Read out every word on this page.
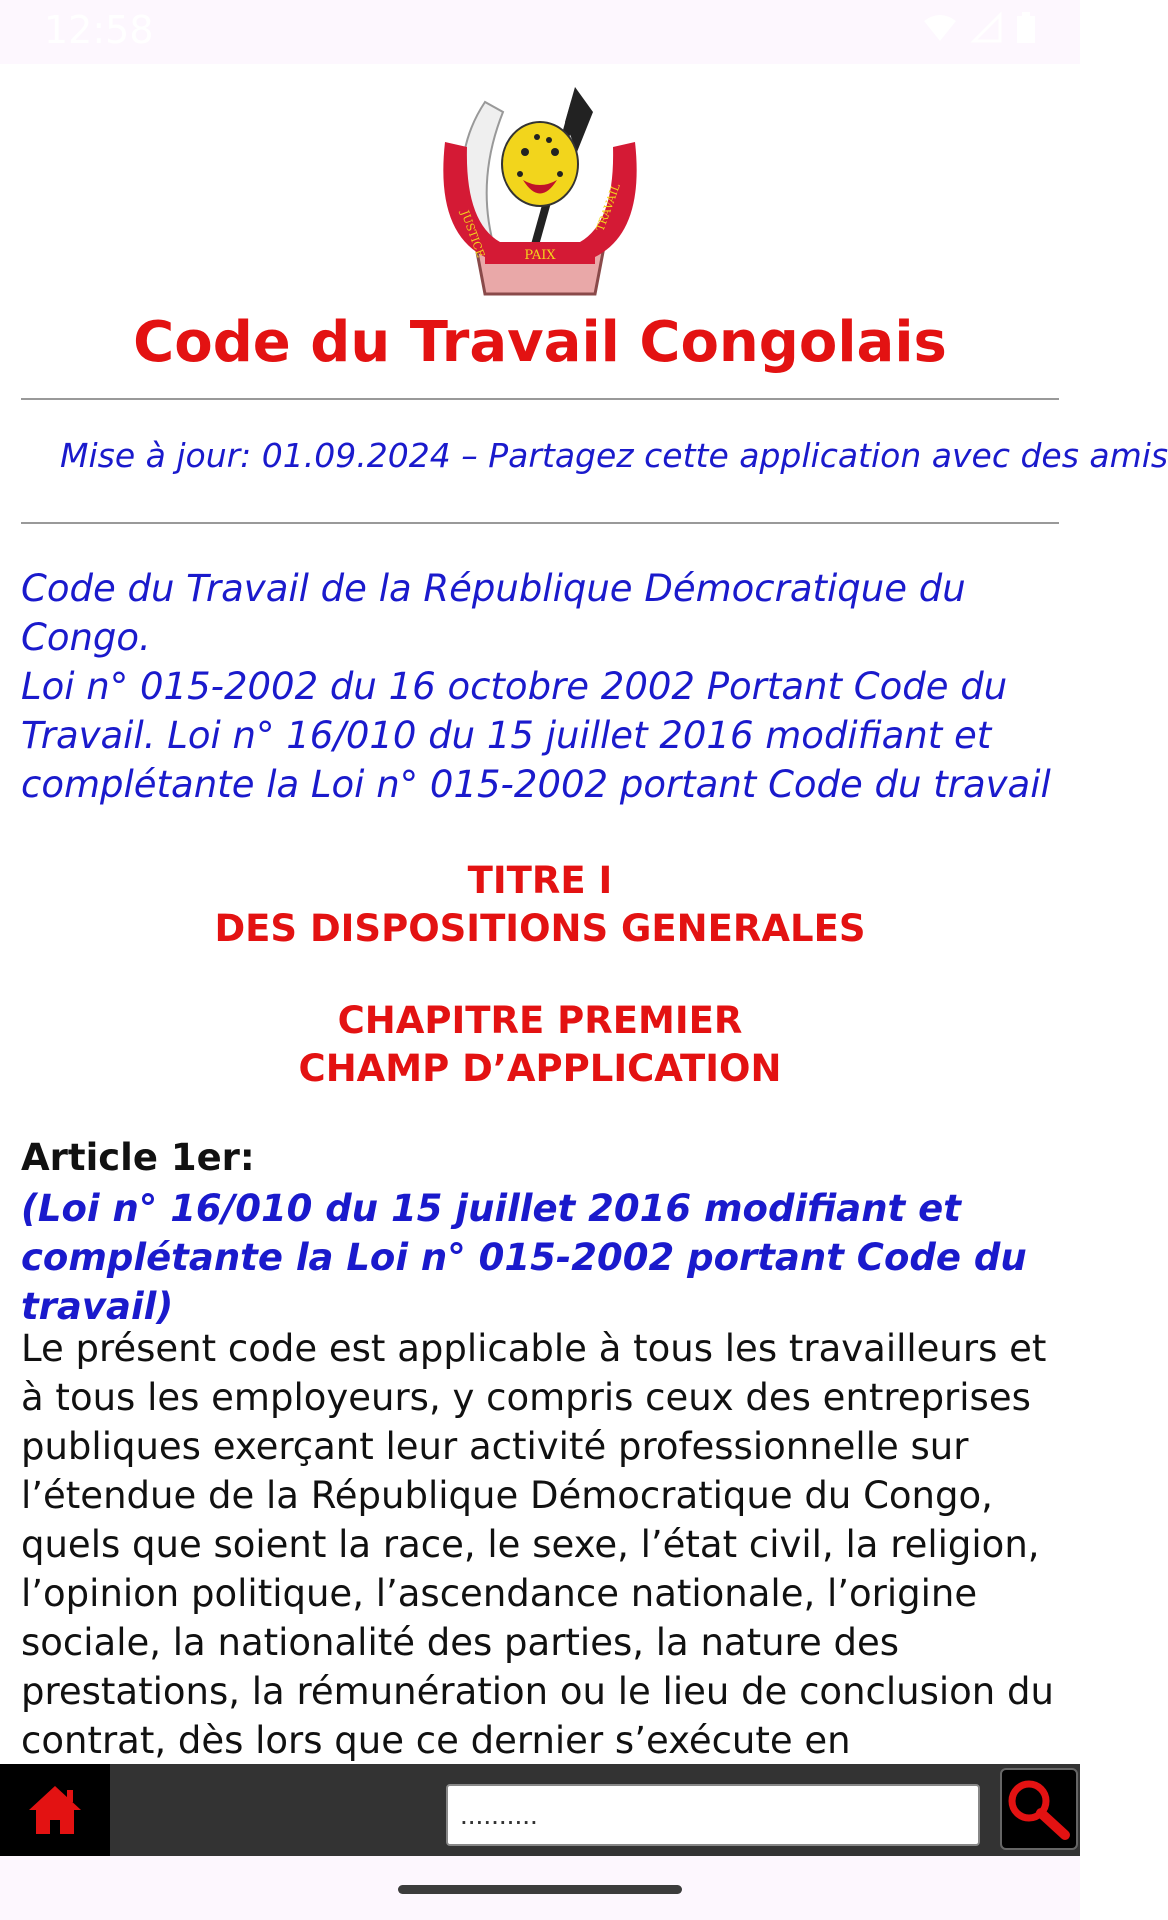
12:58
JUSTICE	PAIX
TRAVAIL
Code du Travail Congolais
Mise à jour: 01.09.2024 – Partagez cette application avec des amis
Code du Travail de la République Démocratique du Congo.
Loi n° 015-2002 du 16 octobre 2002 Portant Code du Travail. Loi n° 16/010 du 15 juillet 2016 modifiant et complétante la Loi n° 015-2002 portant Code du travail
TITRE I
DES DISPOSITIONS GENERALES
CHAPITRE PREMIER
CHAMP D’APPLICATION
Article 1er:
(Loi n° 16/010 du 15 juillet 2016 modifiant et complétante la Loi n° 015-2002 portant Code du travail)
Le présent code est applicable à tous les travailleurs et à tous les employeurs, y compris ceux des entreprises publiques exerçant leur activité professionnelle sur l’étendue de la République Démocratique du Congo, quels que soient la race, le sexe, l’état civil, la religion, l’opinion politique, l’ascendance nationale, l’origine sociale, la nationalité des parties, la nature des prestations, la rémunération ou le lieu de conclusion du contrat, dès lors que ce dernier s’exécute en
..........
